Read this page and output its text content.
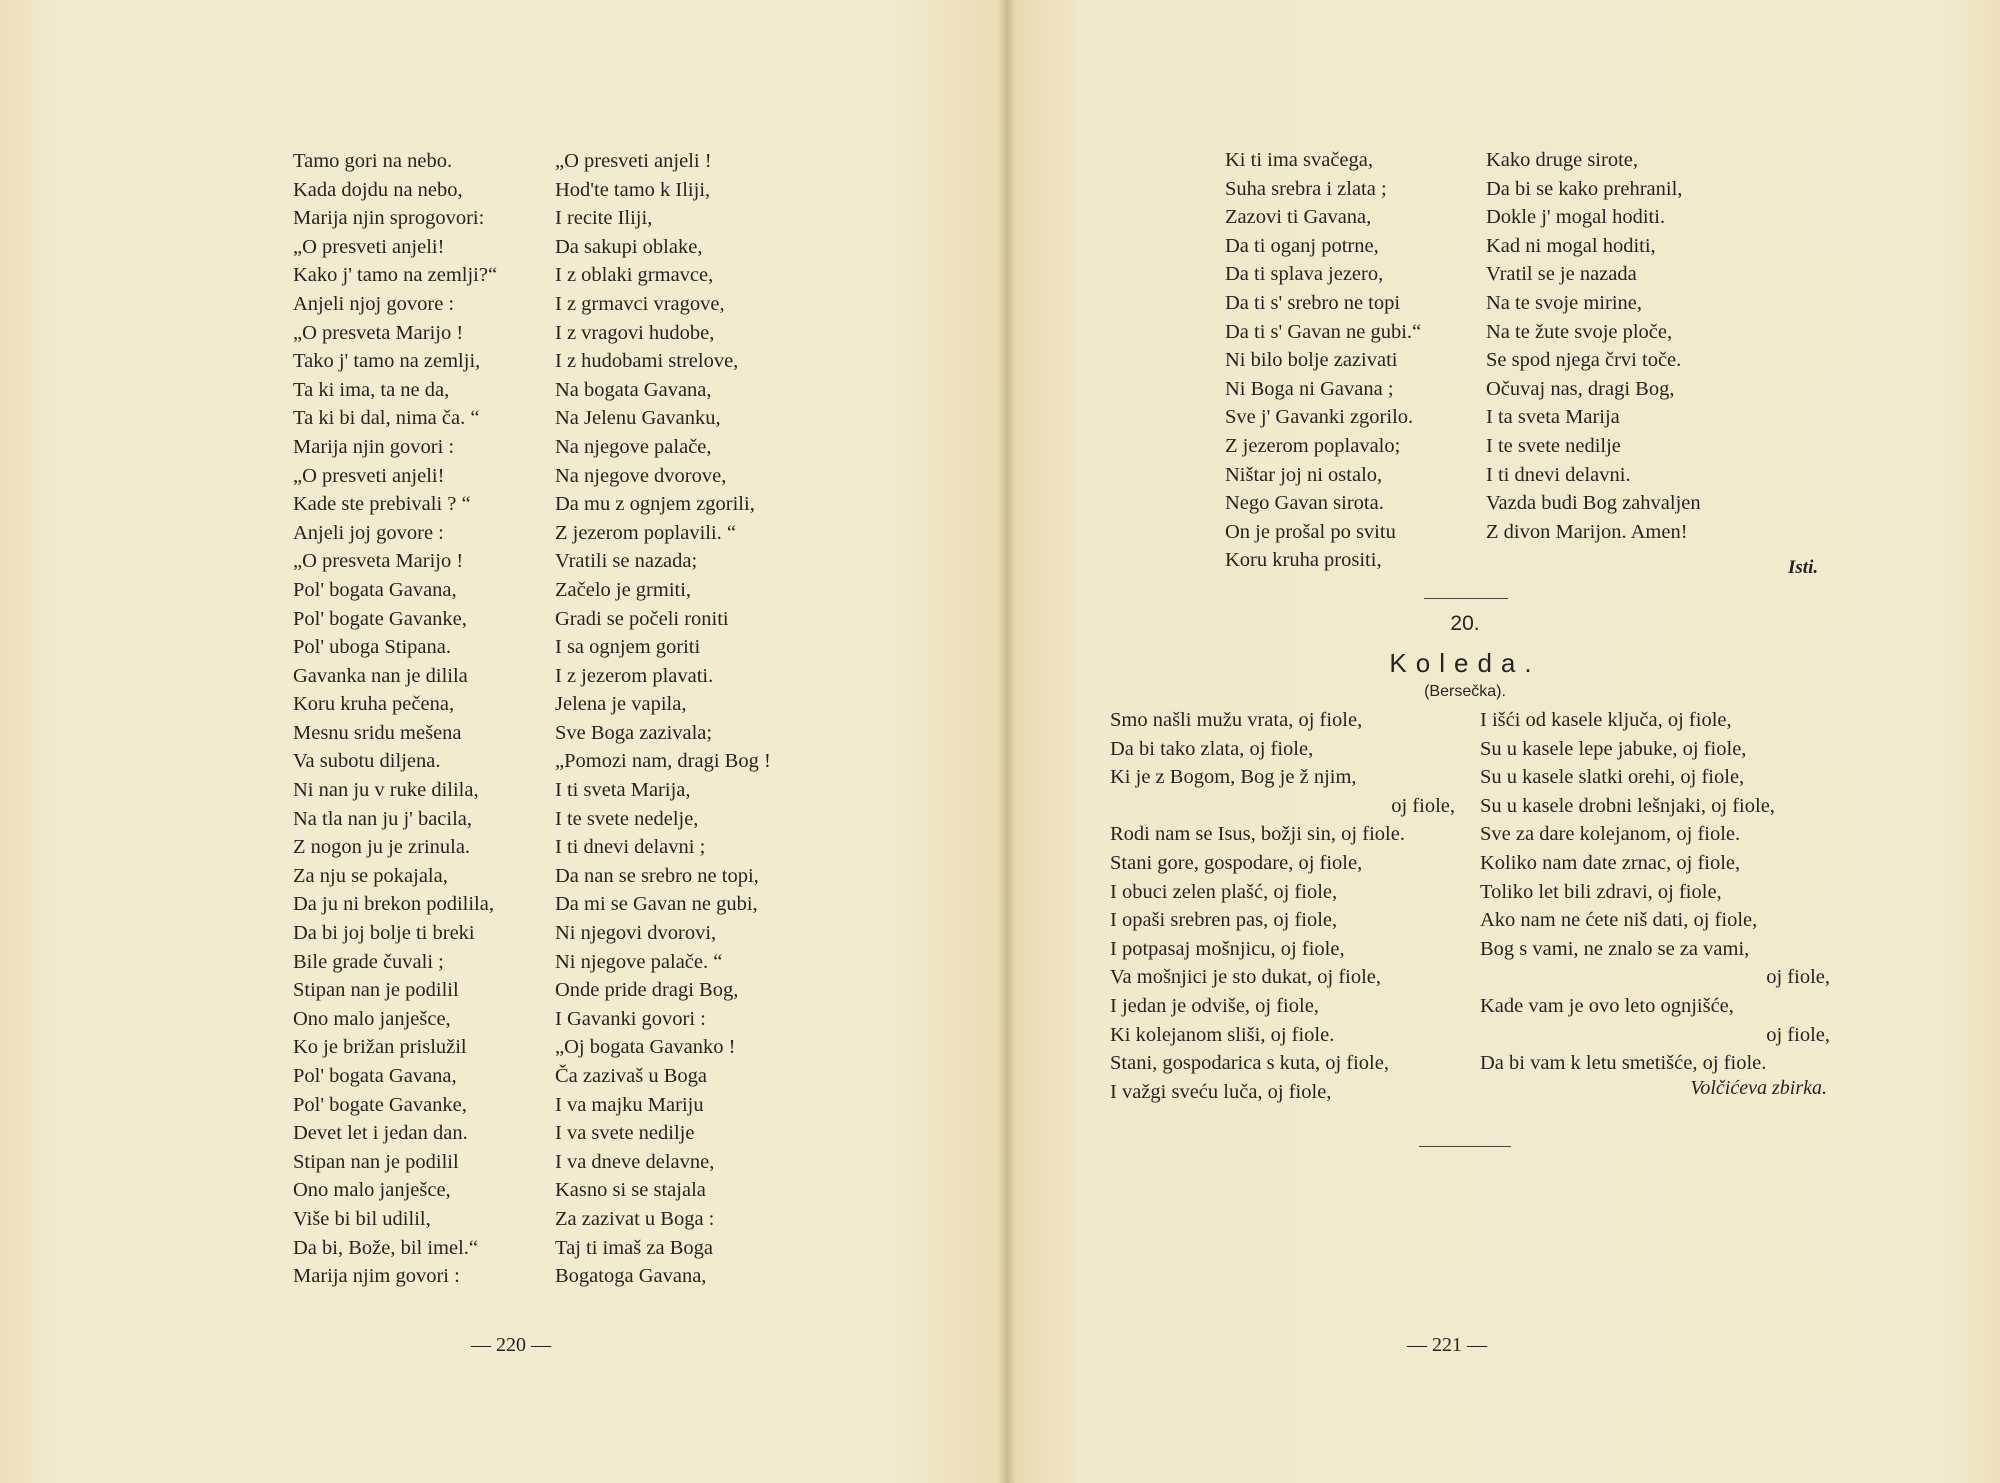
Tamo gori na nebo.
Kada dojdu na nebo,
Marija njin sprogovori:
„O presveti anjeli!
Kako j' tamo na zemlji?“
Anjeli njoj govore :
„O presveta Marijo !
Tako j' tamo na zemlji,
Ta ki ima, ta ne da,
Ta ki bi dal, nima ča. “
Marija njin govori :
„O presveti anjeli!
Kade ste prebivali ? “
Anjeli joj govore :
„O presveta Marijo !
Pol' bogata Gavana,
Pol' bogate Gavanke,
Pol' uboga Stipana.
Gavanka nan je dilila
Koru kruha pečena,
Mesnu sridu mešena
Va subotu diljena.
Ni nan ju v ruke dilila,
Na tla nan ju j' bacila,
Z nogon ju je zrinula.
Za nju se pokajala,
Da ju ni brekon podilila,
Da bi joj bolje ti breki
Bile grade čuvali ;
Stipan nan je podilil
Ono malo janješce,
Ko je brižan prislužil
Pol' bogata Gavana,
Pol' bogate Gavanke,
Devet let i jedan dan.
Stipan nan je podilil
Ono malo janješce,
Više bi bil udilil,
Da bi, Bože, bil imel.“
Marija njim govori :
„O presveti anjeli !
Hod'te tamo k Iliji,
I recite Iliji,
Da sakupi oblake,
I z oblaki grmavce,
I z grmavci vragove,
I z vragovi hudobe,
I z hudobami strelove,
Na bogata Gavana,
Na Jelenu Gavanku,
Na njegove palače,
Na njegove dvorove,
Da mu z ognjem zgorili,
Z jezerom poplavili. “
Vratili se nazada;
Začelo je grmiti,
Gradi se počeli roniti
I sa ognjem goriti
I z jezerom plavati.
Jelena je vapila,
Sve Boga zazivala;
„Pomozi nam, dragi Bog !
I ti sveta Marija,
I te svete nedelje,
I ti dnevi delavni ;
Da nan se srebro ne topi,
Da mi se Gavan ne gubi,
Ni njegovi dvorovi,
Ni njegove palače. “
Onde pride dragi Bog,
I Gavanki govori :
„Oj bogata Gavanko !
Ča zazivaš u Boga
I va majku Mariju
I va svete nedilje
I va dneve delavne,
Kasno si se stajala
Za zazivat u Boga :
Taj ti imaš za Boga
Bogatoga Gavana,
— 220 —
Ki ti ima svačega,
Suha srebra i zlata ;
Zazovi ti Gavana,
Da ti oganj potrne,
Da ti splava jezero,
Da ti s' srebro ne topi
Da ti s' Gavan ne gubi.“
Ni bilo bolje zazivati
Ni Boga ni Gavana ;
Sve j' Gavanki zgorilo.
Z jezerom poplavalo;
Ništar joj ni ostalo,
Nego Gavan sirota.
On je prošal po svitu
Koru kruha prositi,
Kako druge sirote,
Da bi se kako prehranil,
Dokle j' mogal hoditi.
Kad ni mogal hoditi,
Vratil se je nazada
Na te svoje mirine,
Na te žute svoje ploče,
Se spod njega črvi toče.
Očuvaj nas, dragi Bog,
I ta sveta Marija
I te svete nedilje
I ti dnevi delavni.
Vazda budi Bog zahvaljen
Z divon Marijon. Amen!
Isti.
20.
Koleda.
(Bersečka).
Smo našli mužu vrata, oj fiole,
Da bi tako zlata, oj fiole,
Ki je z Bogom, Bog je ž njim,
oj fiole,
Rodi nam se Isus, božji sin, oj fiole.
Stani gore, gospodare, oj fiole,
I obuci zelen plašć, oj fiole,
I opaši srebren pas, oj fiole,
I potpasaj mošnjicu, oj fiole,
Va mošnjici je sto dukat, oj fiole,
I jedan je odviše, oj fiole,
Ki kolejanom sliši, oj fiole.
Stani, gospodarica s kuta, oj fiole,
I važgi sveću luča, oj fiole,
I išći od kasele ključa, oj fiole,
Su u kasele lepe jabuke, oj fiole,
Su u kasele slatki orehi, oj fiole,
Su u kasele drobni lešnjaki, oj fiole,
Sve za dare kolejanom, oj fiole.
Koliko nam date zrnac, oj fiole,
Toliko let bili zdravi, oj fiole,
Ako nam ne ćete niš dati, oj fiole,
Bog s vami, ne znalo se za vami,
oj fiole,
Kade vam je ovo leto ognjišće,
oj fiole,
Da bi vam k letu smetišće, oj fiole.
Volčićeva zbirka.
— 221 —
